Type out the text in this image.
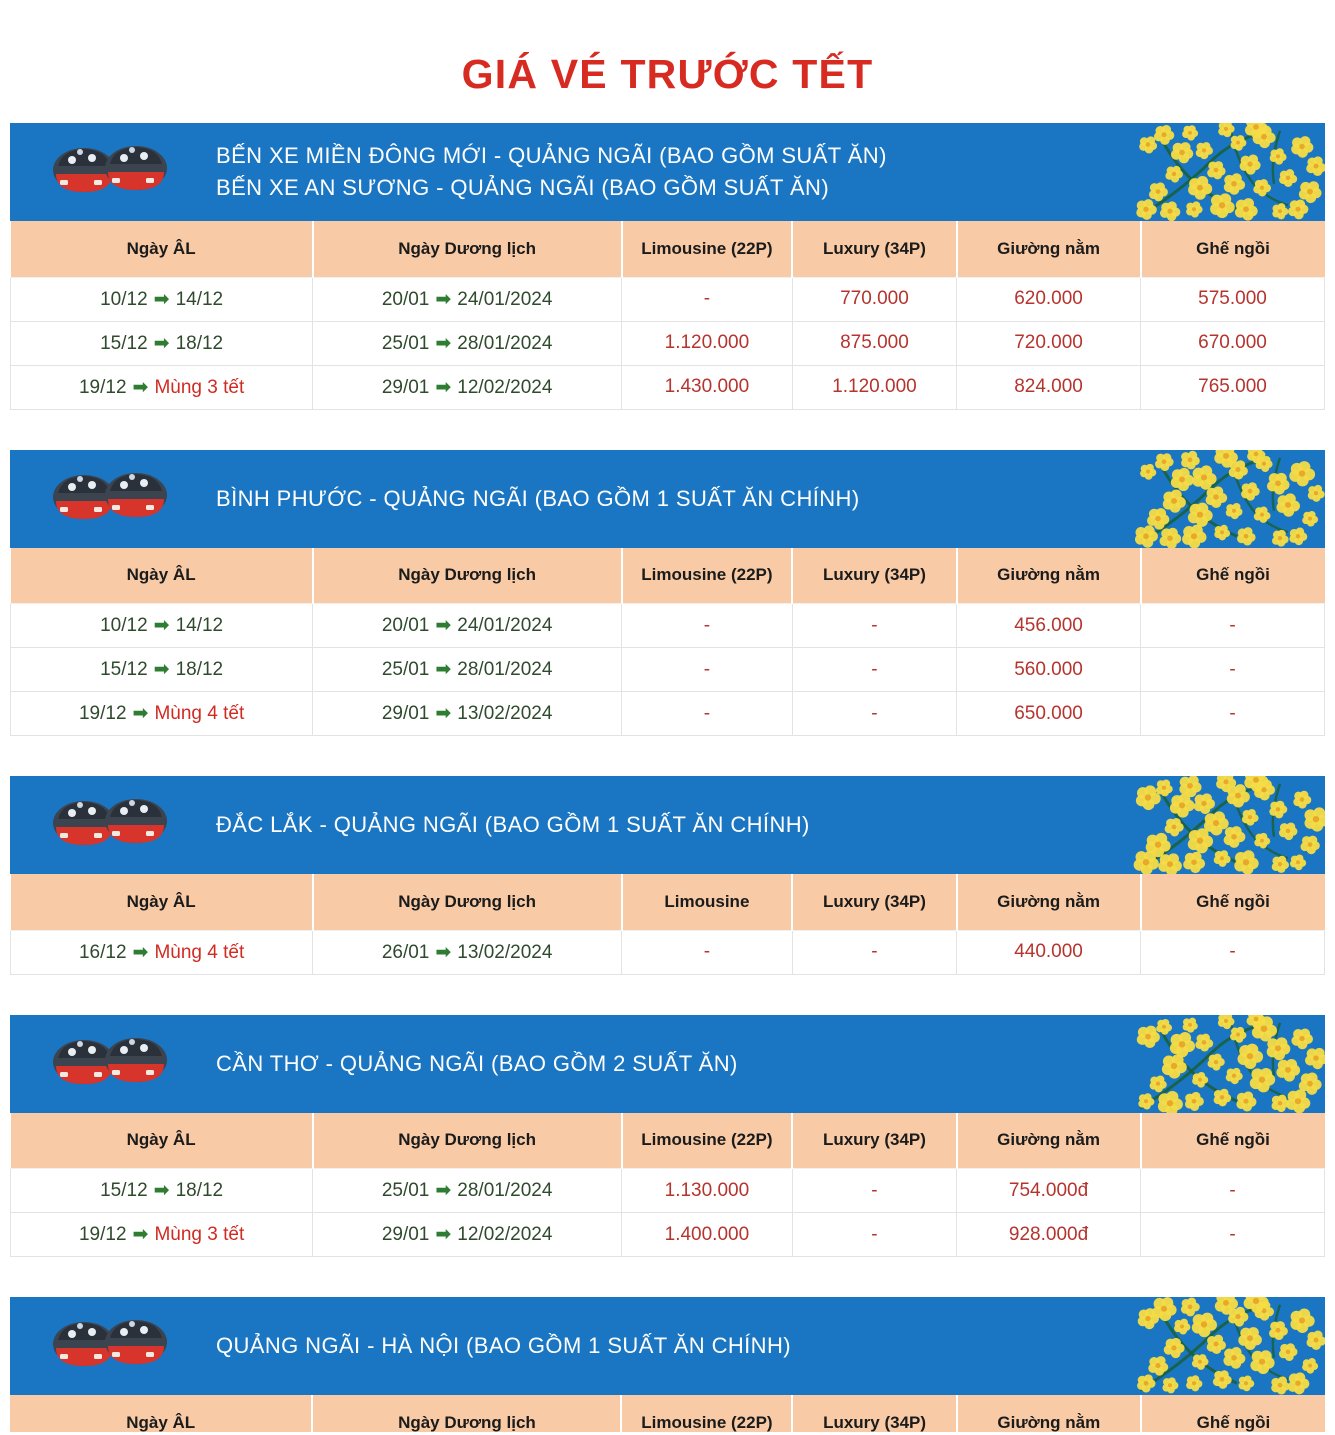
GIÁ VÉ TRƯỚC TẾT
BẾN XE MIỀN ĐÔNG MỚI - QUẢNG NGÃI (BAO GỒM SUẤT ĂN)
BẾN XE AN SƯƠNG - QUẢNG NGÃI (BAO GỒM SUẤT ĂN)
Ngày ÂL	Ngày Dương lịch	Limousine (22P)	Luxury (34P)	Giường nằm	Ghế ngồi
10/12 ➡ 14/12	20/01 ➡ 24/01/2024	-	770.000	620.000	575.000
15/12 ➡ 18/12	25/01 ➡ 28/01/2024	1.120.000	875.000	720.000	670.000
19/12 ➡ Mùng 3 tết	29/01 ➡ 12/02/2024	1.430.000	1.120.000	824.000	765.000
BÌNH PHƯỚC - QUẢNG NGÃI (BAO GỒM 1 SUẤT ĂN CHÍNH)
Ngày ÂL	Ngày Dương lịch	Limousine (22P)	Luxury (34P)	Giường nằm	Ghế ngồi
10/12 ➡ 14/12	20/01 ➡ 24/01/2024	-	-	456.000	-
15/12 ➡ 18/12	25/01 ➡ 28/01/2024	-	-	560.000	-
19/12 ➡ Mùng 4 tết	29/01 ➡ 13/02/2024	-	-	650.000	-
ĐẮC LẮK - QUẢNG NGÃI (BAO GỒM 1 SUẤT ĂN CHÍNH)
Ngày ÂL	Ngày Dương lịch	Limousine	Luxury (34P)	Giường nằm	Ghế ngồi
16/12 ➡ Mùng 4 tết	26/01 ➡ 13/02/2024	-	-	440.000	-
CẦN THƠ - QUẢNG NGÃI (BAO GỒM 2 SUẤT ĂN)
Ngày ÂL	Ngày Dương lịch	Limousine (22P)	Luxury (34P)	Giường nằm	Ghế ngồi
15/12 ➡ 18/12	25/01 ➡ 28/01/2024	1.130.000	-	754.000đ	-
19/12 ➡ Mùng 3 tết	29/01 ➡ 12/02/2024	1.400.000	-	928.000đ	-
QUẢNG NGÃI - HÀ NỘI (BAO GỒM 1 SUẤT ĂN CHÍNH)
Ngày ÂL	Ngày Dương lịch	Limousine (22P)	Luxury (34P)	Giường nằm	Ghế ngồi
